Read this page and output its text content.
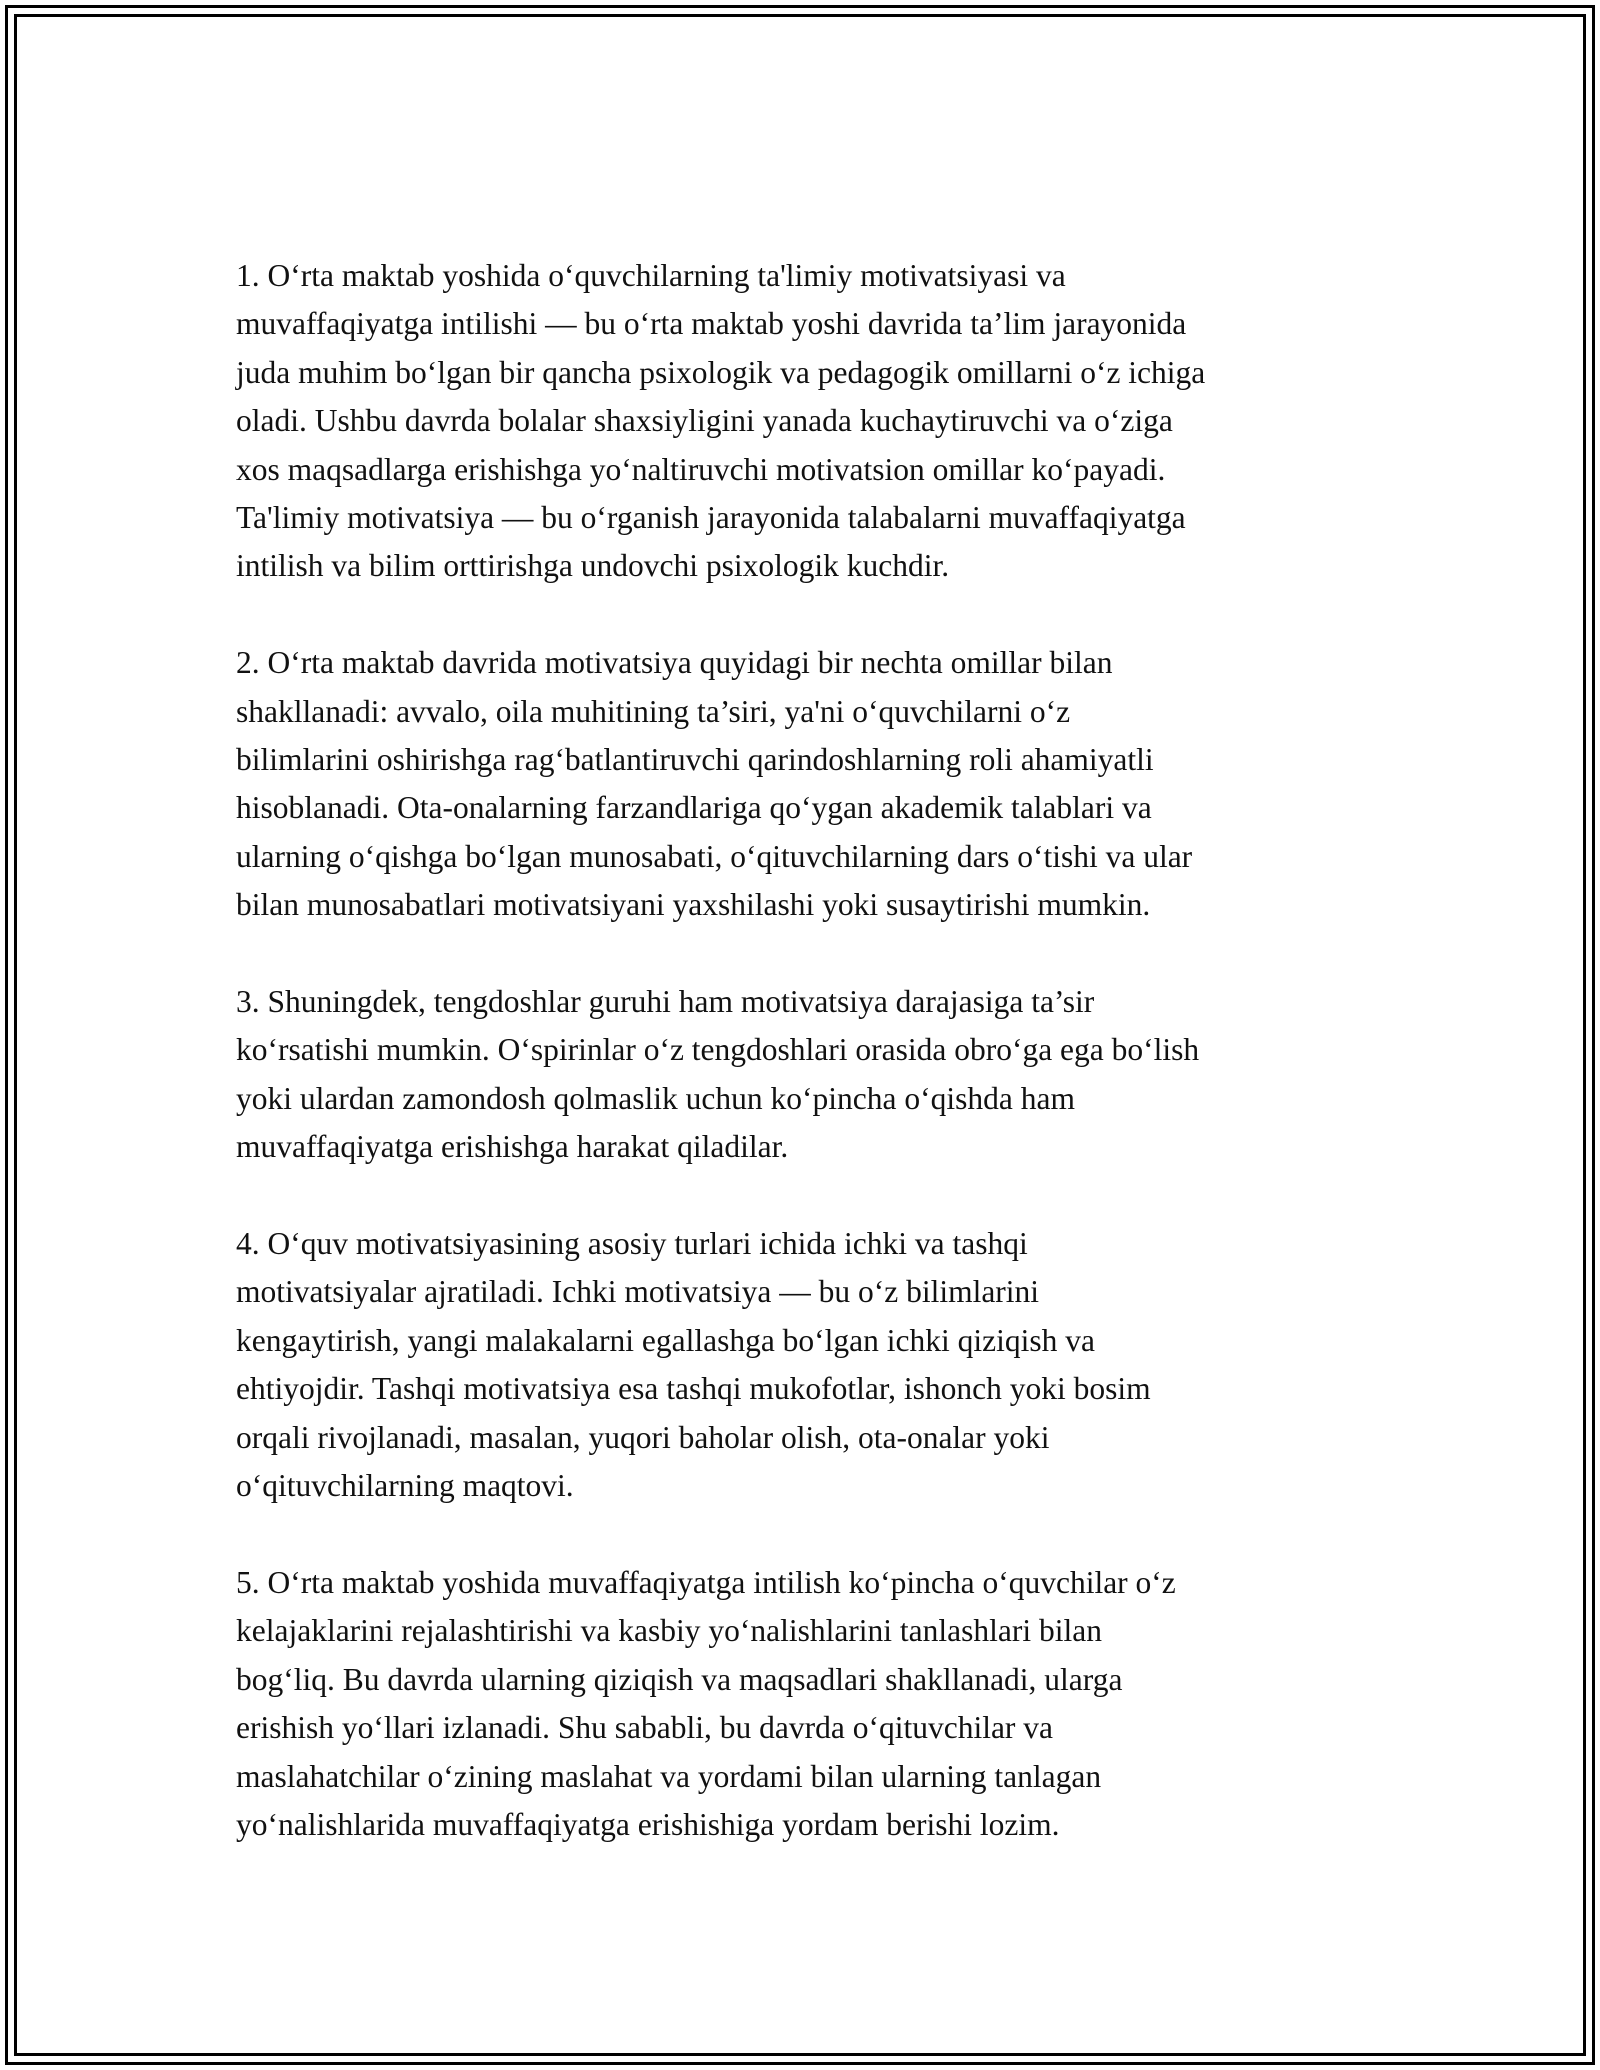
1. O‘rta maktab yoshida o‘quvchilarning ta'limiy motivatsiyasi va
muvaffaqiyatga intilishi — bu o‘rta maktab yoshi davrida ta’lim jarayonida
juda muhim bo‘lgan bir qancha psixologik va pedagogik omillarni o‘z ichiga
oladi. Ushbu davrda bolalar shaxsiyligini yanada kuchaytiruvchi va o‘ziga
xos maqsadlarga erishishga yo‘naltiruvchi motivatsion omillar ko‘payadi.
Ta'limiy motivatsiya — bu o‘rganish jarayonida talabalarni muvaffaqiyatga
intilish va bilim orttirishga undovchi psixologik kuchdir.

2. O‘rta maktab davrida motivatsiya quyidagi bir nechta omillar bilan
shakllanadi: avvalo, oila muhitining ta’siri, ya'ni o‘quvchilarni o‘z
bilimlarini oshirishga rag‘batlantiruvchi qarindoshlarning roli ahamiyatli
hisoblanadi. Ota-onalarning farzandlariga qo‘ygan akademik talablari va
ularning o‘qishga bo‘lgan munosabati, o‘qituvchilarning dars o‘tishi va ular
bilan munosabatlari motivatsiyani yaxshilashi yoki susaytirishi mumkin.

3. Shuningdek, tengdoshlar guruhi ham motivatsiya darajasiga ta’sir
ko‘rsatishi mumkin. O‘spirinlar o‘z tengdoshlari orasida obro‘ga ega bo‘lish
yoki ulardan zamondosh qolmaslik uchun ko‘pincha o‘qishda ham
muvaffaqiyatga erishishga harakat qiladilar.

4. O‘quv motivatsiyasining asosiy turlari ichida ichki va tashqi
motivatsiyalar ajratiladi. Ichki motivatsiya — bu o‘z bilimlarini
kengaytirish, yangi malakalarni egallashga bo‘lgan ichki qiziqish va
ehtiyojdir. Tashqi motivatsiya esa tashqi mukofotlar, ishonch yoki bosim
orqali rivojlanadi, masalan, yuqori baholar olish, ota-onalar yoki
o‘qituvchilarning maqtovi.

5. O‘rta maktab yoshida muvaffaqiyatga intilish ko‘pincha o‘quvchilar o‘z
kelajaklarini rejalashtirishi va kasbiy yo‘nalishlarini tanlashlari bilan
bog‘liq. Bu davrda ularning qiziqish va maqsadlari shakllanadi, ularga
erishish yo‘llari izlanadi. Shu sababli, bu davrda o‘qituvchilar va
maslahatchilar o‘zining maslahat va yordami bilan ularning tanlagan
yo‘nalishlarida muvaffaqiyatga erishishiga yordam berishi lozim.
